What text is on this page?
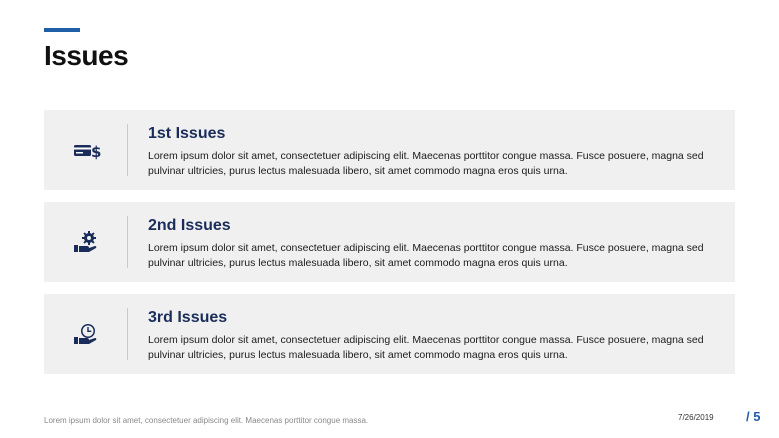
Issues
$
1st Issues
Lorem ipsum dolor sit amet, consectetuer adipiscing elit. Maecenas porttitor congue massa. Fusce posuere, magna sed pulvinar ultricies, purus lectus malesuada libero, sit amet commodo magna eros quis urna.
2nd Issues
Lorem ipsum dolor sit amet, consectetuer adipiscing elit. Maecenas porttitor congue massa. Fusce posuere, magna sed pulvinar ultricies, purus lectus malesuada libero, sit amet commodo magna eros quis urna.
3rd Issues
Lorem ipsum dolor sit amet, consectetuer adipiscing elit. Maecenas porttitor congue massa. Fusce posuere, magna sed pulvinar ultricies, purus lectus malesuada libero, sit amet commodo magna eros quis urna.
Lorem ipsum dolor sit amet, consectetuer adipiscing elit. Maecenas porttitor congue massa.	7/26/2019 / 5
